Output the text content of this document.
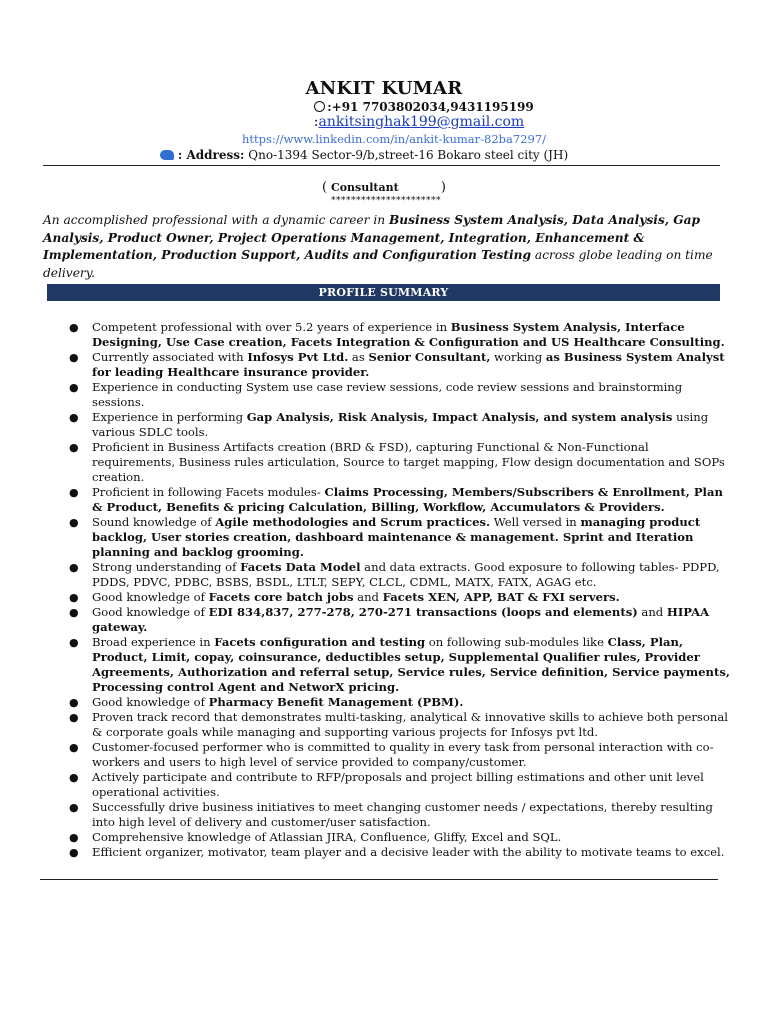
ANKIT KUMAR
:+91 7703802034,9431195199
:ankitsinghak199@gmail.com
https://www.linkedin.com/in/ankit-kumar-82ba7297/
: Address: Qno-1394 Sector-9/b,street-16 Bokaro steel city (JH)
( Consultant	)
**********************
An accomplished professional with a dynamic career in Business System Analysis, Data Analysis, Gap Analysis, Product Owner, Project Operations Management, Integration, Enhancement & Implementation, Production Support, Audits and Configuration Testing across globe leading on time delivery.
PROFILE SUMMARY
● Competent professional with over 5.2 years of experience in Business System Analysis, Interface Designing, Use Case creation, Facets Integration & Configuration and US Healthcare Consulting.
● Currently associated with Infosys Pvt Ltd. as Senior Consultant, working as Business System Analyst for leading Healthcare insurance provider.
● Experience in conducting System use case review sessions, code review sessions and brainstorming sessions.
● Experience in performing Gap Analysis, Risk Analysis, Impact Analysis, and system analysis using various SDLC tools.
● Proficient in Business Artifacts creation (BRD & FSD), capturing Functional & Non-Functional requirements, Business rules articulation, Source to target mapping, Flow design documentation and SOPs creation.
● Proficient in following Facets modules- Claims Processing, Members/Subscribers & Enrollment, Plan & Product, Benefits & pricing Calculation, Billing, Workflow, Accumulators & Providers.
● Sound knowledge of Agile methodologies and Scrum practices. Well versed in managing product backlog, User stories creation, dashboard maintenance & management. Sprint and Iteration planning and backlog grooming.
● Strong understanding of Facets Data Model and data extracts. Good exposure to following tables- PDPD, PDDS, PDVC, PDBC, BSBS, BSDL, LTLT, SEPY, CLCL, CDML, MATX, FATX, AGAG etc.
● Good knowledge of Facets core batch jobs and Facets XEN, APP, BAT & FXI servers.
● Good knowledge of EDI 834,837, 277-278, 270-271 transactions (loops and elements) and HIPAA gateway.
● Broad experience in Facets configuration and testing on following sub-modules like Class, Plan, Product, Limit, copay, coinsurance, deductibles setup, Supplemental Qualifier rules, Provider Agreements, Authorization and referral setup, Service rules, Service definition, Service payments, Processing control Agent and NetworX pricing.
● Good knowledge of Pharmacy Benefit Management (PBM).
● Proven track record that demonstrates multi-tasking, analytical & innovative skills to achieve both personal & corporate goals while managing and supporting various projects for Infosys pvt ltd.
● Customer-focused performer who is committed to quality in every task from personal interaction with co-workers and users to high level of service provided to company/customer.
● Actively participate and contribute to RFP/proposals and project billing estimations and other unit level operational activities.
● Successfully drive business initiatives to meet changing customer needs / expectations, thereby resulting into high level of delivery and customer/user satisfaction.
● Comprehensive knowledge of Atlassian JIRA, Confluence, Gliffy, Excel and SQL.
● Efficient organizer, motivator, team player and a decisive leader with the ability to motivate teams to excel.
